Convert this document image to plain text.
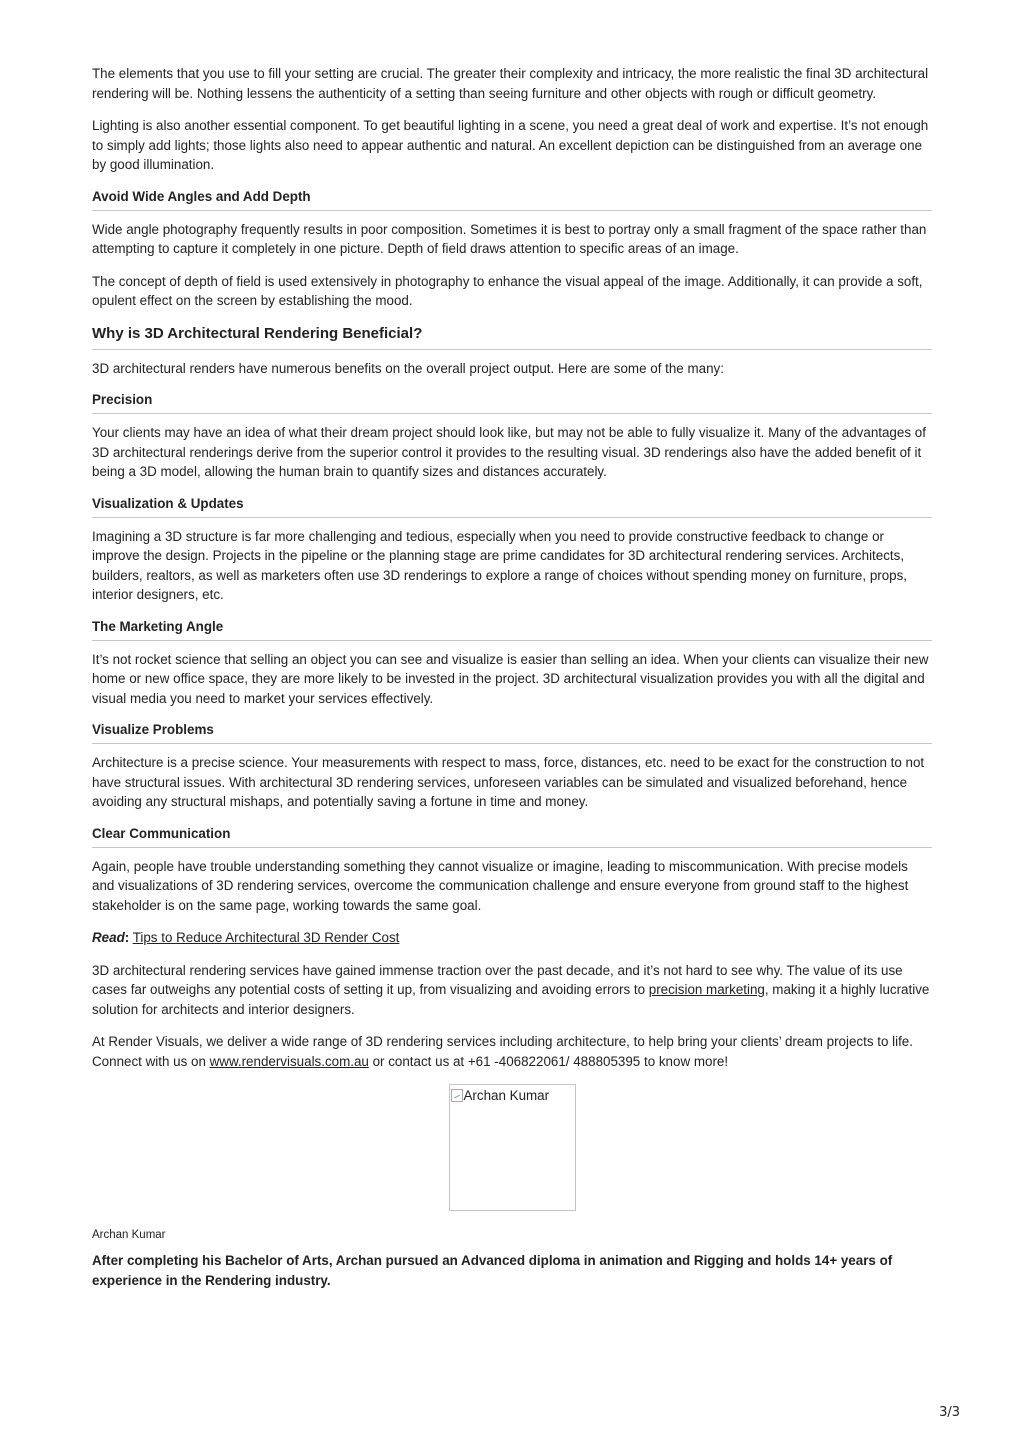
The elements that you use to fill your setting are crucial. The greater their complexity and intricacy, the more realistic the final 3D architectural rendering will be. Nothing lessens the authenticity of a setting than seeing furniture and other objects with rough or difficult geometry.

Lighting is also another essential component. To get beautiful lighting in a scene, you need a great deal of work and expertise. It’s not enough to simply add lights; those lights also need to appear authentic and natural. An excellent depiction can be distinguished from an average one by good illumination.

Avoid Wide Angles and Add Depth

Wide angle photography frequently results in poor composition. Sometimes it is best to portray only a small fragment of the space rather than attempting to capture it completely in one picture. Depth of field draws attention to specific areas of an image.

The concept of depth of field is used extensively in photography to enhance the visual appeal of the image. Additionally, it can provide a soft, opulent effect on the screen by establishing the mood.

Why is 3D Architectural Rendering Beneficial?

3D architectural renders have numerous benefits on the overall project output. Here are some of the many:

Precision

Your clients may have an idea of what their dream project should look like, but may not be able to fully visualize it. Many of the advantages of 3D architectural renderings derive from the superior control it provides to the resulting visual. 3D renderings also have the added benefit of it being a 3D model, allowing the human brain to quantify sizes and distances accurately.

Visualization & Updates

Imagining a 3D structure is far more challenging and tedious, especially when you need to provide constructive feedback to change or improve the design. Projects in the pipeline or the planning stage are prime candidates for 3D architectural rendering services. Architects, builders, realtors, as well as marketers often use 3D renderings to explore a range of choices without spending money on furniture, props, interior designers, etc.

The Marketing Angle

It’s not rocket science that selling an object you can see and visualize is easier than selling an idea. When your clients can visualize their new home or new office space, they are more likely to be invested in the project. 3D architectural visualization provides you with all the digital and visual media you need to market your services effectively.

Visualize Problems

Architecture is a precise science. Your measurements with respect to mass, force, distances, etc. need to be exact for the construction to not have structural issues. With architectural 3D rendering services, unforeseen variables can be simulated and visualized beforehand, hence avoiding any structural mishaps, and potentially saving a fortune in time and money.

Clear Communication

Again, people have trouble understanding something they cannot visualize or imagine, leading to miscommunication. With precise models and visualizations of 3D rendering services, overcome the communication challenge and ensure everyone from ground staff to the highest stakeholder is on the same page, working towards the same goal.

Read: Tips to Reduce Architectural 3D Render Cost

3D architectural rendering services have gained immense traction over the past decade, and it’s not hard to see why. The value of its use cases far outweighs any potential costs of setting it up, from visualizing and avoiding errors to precision marketing, making it a highly lucrative solution for architects and interior designers.

At Render Visuals, we deliver a wide range of 3D rendering services including architecture, to help bring your clients’ dream projects to life. Connect with us on www.rendervisuals.com.au or contact us at +61 -406822061/ 488805395 to know more!

Archan Kumar

Archan Kumar

After completing his Bachelor of Arts, Archan pursued an Advanced diploma in animation and Rigging and holds 14+ years of experience in the Rendering industry.

3/3
